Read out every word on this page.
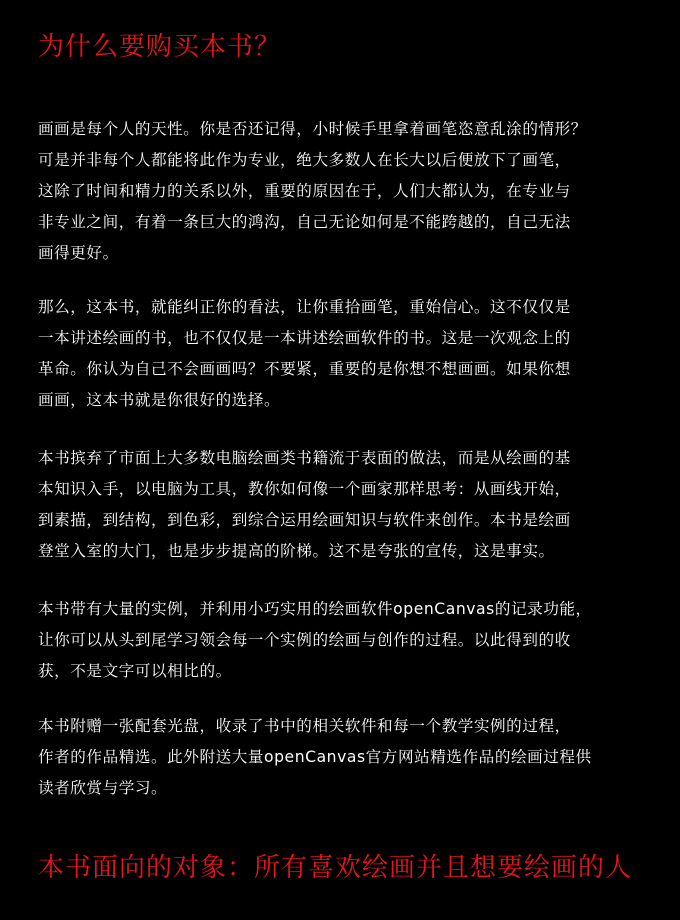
为什么要购买本书？
画画是每个人的天性。你是否还记得，小时候手里拿着画笔恣意乱涂的情形？
可是并非每个人都能将此作为专业，绝大多数人在长大以后便放下了画笔，
这除了时间和精力的关系以外，重要的原因在于，人们大都认为，在专业与
非专业之间，有着一条巨大的鸿沟，自己无论如何是不能跨越的，自己无法
画得更好。
那么，这本书，就能纠正你的看法，让你重拾画笔，重始信心。这不仅仅是
一本讲述绘画的书，也不仅仅是一本讲述绘画软件的书。这是一次观念上的
革命。你认为自己不会画画吗？不要紧，重要的是你想不想画画。如果你想
画画，这本书就是你很好的选择。
本书摈弃了市面上大多数电脑绘画类书籍流于表面的做法，而是从绘画的基
本知识入手，以电脑为工具，教你如何像一个画家那样思考：从画线开始，
到素描，到结构，到色彩，到综合运用绘画知识与软件来创作。本书是绘画
登堂入室的大门，也是步步提高的阶梯。这不是夸张的宣传，这是事实。
本书带有大量的实例，并利用小巧实用的绘画软件openCanvas的记录功能，
让你可以从头到尾学习领会每一个实例的绘画与创作的过程。以此得到的收
获，不是文字可以相比的。
本书附赠一张配套光盘，收录了书中的相关软件和每一个教学实例的过程，
作者的作品精选。此外附送大量openCanvas官方网站精选作品的绘画过程供
读者欣赏与学习。
本书面向的对象：所有喜欢绘画并且想要绘画的人
